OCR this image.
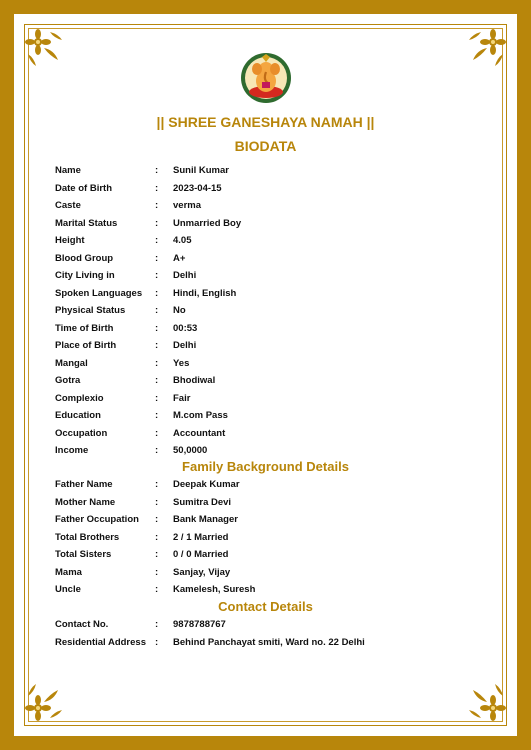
|| SHREE GANESHAYA NAMAH ||
BIODATA
Name	: Sunil Kumar
Date of Birth	: 2023-04-15
Caste	: verma
Marital Status	: Unmarried Boy
Height	: 4.05
Blood Group	: A+
City Living in	: Delhi
Spoken Languages : Hindi, English
Physical Status	: No
Time of Birth	: 00:53
Place of Birth	: Delhi
Mangal	: Yes
Gotra	: Bhodiwal
Complexio	: Fair
Education	: M.com Pass
Occupation	: Accountant
Income	: 50,0000
Family Background Details
Father Name	: Deepak Kumar
Mother Name	: Sumitra Devi
Father Occupation : Bank Manager
Total Brothers	: 2 / 1 Married
Total Sisters	: 0 / 0 Married
Mama	: Sanjay, Vijay
Uncle	: Kamelesh, Suresh
Contact Details
Contact No.	: 9878788767
Residential Address : Behind Panchayat smiti, Ward no. 22 Delhi
